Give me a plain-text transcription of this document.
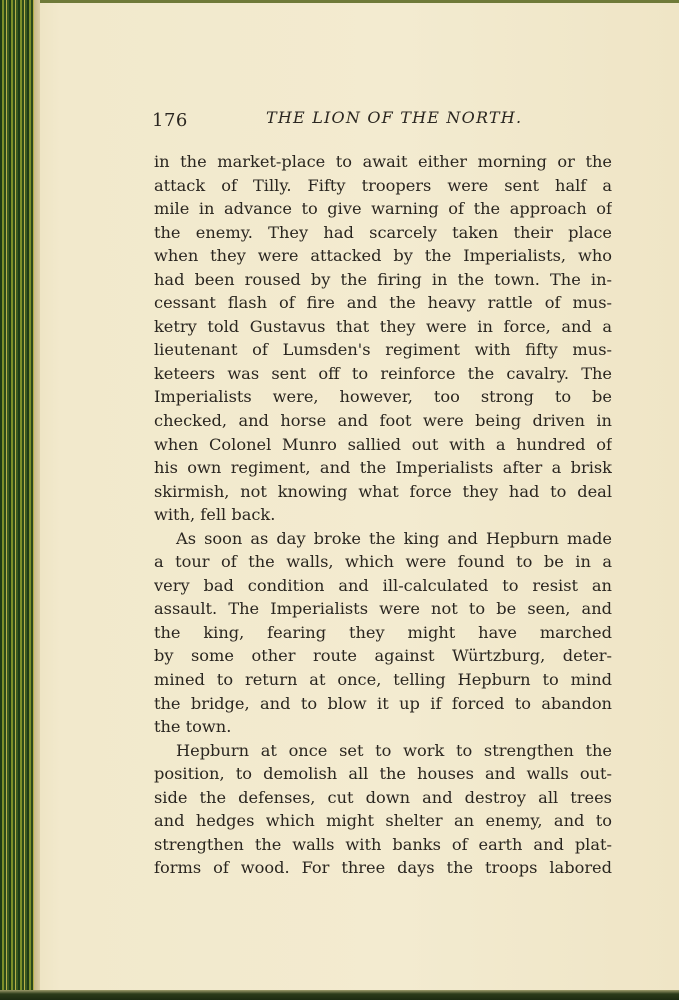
176	THE LION OF THE NORTH.
in the market-place to await either morning or the
attack of Tilly. Fifty troopers were sent half a
mile in advance to give warning of the approach of
the enemy. They had scarcely taken their place
when they were attacked by the Imperialists, who
had been roused by the firing in the town. The in-
cessant flash of fire and the heavy rattle of mus-
ketry told Gustavus that they were in force, and a
lieutenant of Lumsden's regiment with fifty mus-
keteers was sent off to reinforce the cavalry. The
Imperialists were, however, too strong to be
checked, and horse and foot were being driven in
when Colonel Munro sallied out with a hundred of
his own regiment, and the Imperialists after a brisk
skirmish, not knowing what force they had to deal
with, fell back.
As soon as day broke the king and Hepburn made
a tour of the walls, which were found to be in a
very bad condition and ill-calculated to resist an
assault. The Imperialists were not to be seen, and
the king, fearing they might have marched
by some other route against Würtzburg, deter-
mined to return at once, telling Hepburn to mind
the bridge, and to blow it up if forced to abandon
the town.
Hepburn at once set to work to strengthen the
position, to demolish all the houses and walls out-
side the defenses, cut down and destroy all trees
and hedges which might shelter an enemy, and to
strengthen the walls with banks of earth and plat-
forms of wood. For three days the troops labored
